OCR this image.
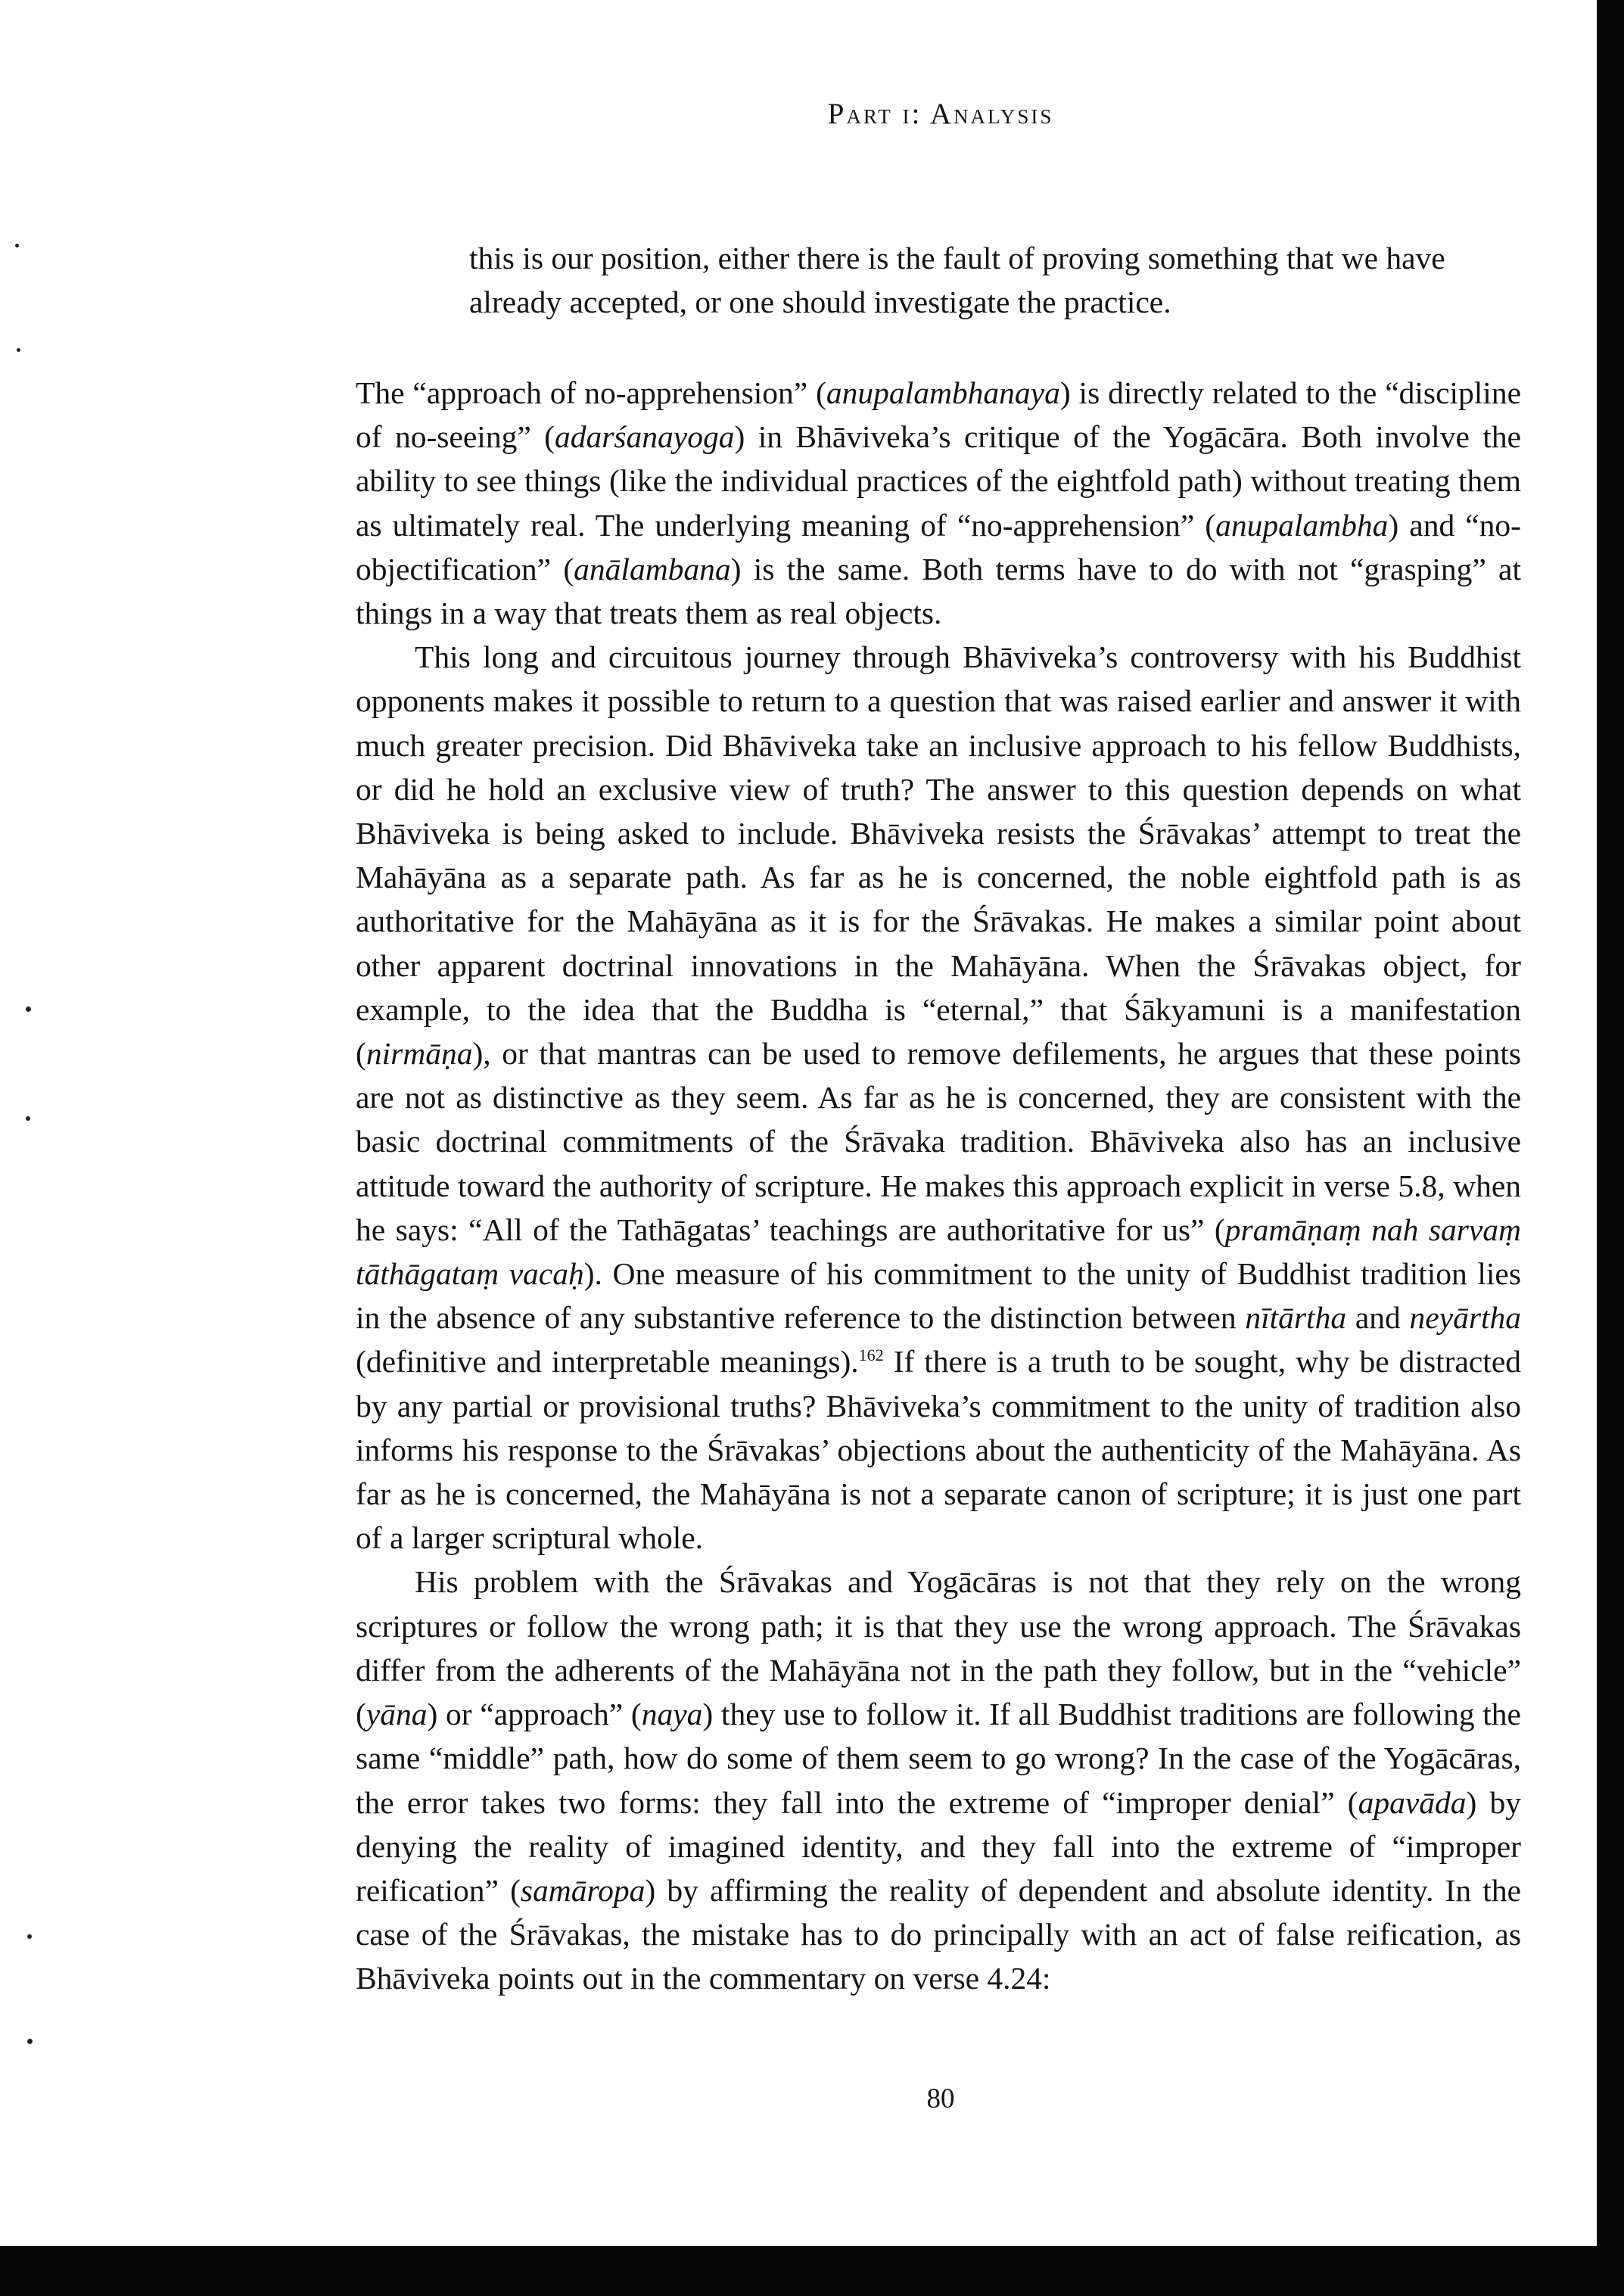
Part i: Analysis
this is our position, either there is the fault of proving something that we have already accepted, or one should investigate the practice.

The “approach of no-apprehension” (anupalambhanaya) is directly related to the “discipline of no-seeing” (adarśanayoga) in Bhāviveka’s critique of the Yogācāra. Both involve the ability to see things (like the individual practices of the eightfold path) without treating them as ultimately real. The underlying meaning of “no-apprehension” (anupalambha) and “no-objectification” (anālambana) is the same. Both terms have to do with not “grasping” at things in a way that treats them as real objects.

This long and circuitous journey through Bhāviveka’s controversy with his Buddhist opponents makes it possible to return to a question that was raised earlier and answer it with much greater precision. Did Bhāviveka take an inclusive approach to his fellow Buddhists, or did he hold an exclusive view of truth? The answer to this question depends on what Bhāviveka is being asked to include. Bhāviveka resists the Śrāvakas’ attempt to treat the Mahāyāna as a separate path. As far as he is concerned, the noble eightfold path is as authoritative for the Mahāyāna as it is for the Śrāvakas. He makes a similar point about other apparent doctrinal innovations in the Mahāyāna. When the Śrāvakas object, for example, to the idea that the Buddha is “eternal,” that Śākyamuni is a manifestation (nirmāṇa), or that mantras can be used to remove defilements, he argues that these points are not as distinctive as they seem. As far as he is concerned, they are consistent with the basic doctrinal commitments of the Śrāvaka tradition. Bhāviveka also has an inclusive attitude toward the authority of scripture. He makes this approach explicit in verse 5.8, when he says: “All of the Tathāgatas’ teachings are authoritative for us” (pramāṇaṃ nah sarvaṃ tāthāgataṃ vacaḥ). One measure of his commitment to the unity of Buddhist tradition lies in the absence of any substantive reference to the distinction between nītārtha and neyārtha (definitive and interpretable meanings).$^{162}$ If there is a truth to be sought, why be distracted by any partial or provisional truths? Bhāviveka’s commitment to the unity of tradition also informs his response to the Śrāvakas’ objections about the authenticity of the Mahāyāna. As far as he is concerned, the Mahāyāna is not a separate canon of scripture; it is just one part of a larger scriptural whole.

His problem with the Śrāvakas and Yogācāras is not that they rely on the wrong scriptures or follow the wrong path; it is that they use the wrong approach. The Śrāvakas differ from the adherents of the Mahāyāna not in the path they follow, but in the “vehicle” (yāna) or “approach” (naya) they use to follow it. If all Buddhist traditions are following the same “middle” path, how do some of them seem to go wrong? In the case of the Yogācāras, the error takes two forms: they fall into the extreme of “improper denial” (apavāda) by denying the reality of imagined identity, and they fall into the extreme of “improper reification” (samāropa) by affirming the reality of dependent and absolute identity. In the case of the Śrāvakas, the mistake has to do principally with an act of false reification, as Bhāviveka points out in the commentary on verse 4.24:

80
